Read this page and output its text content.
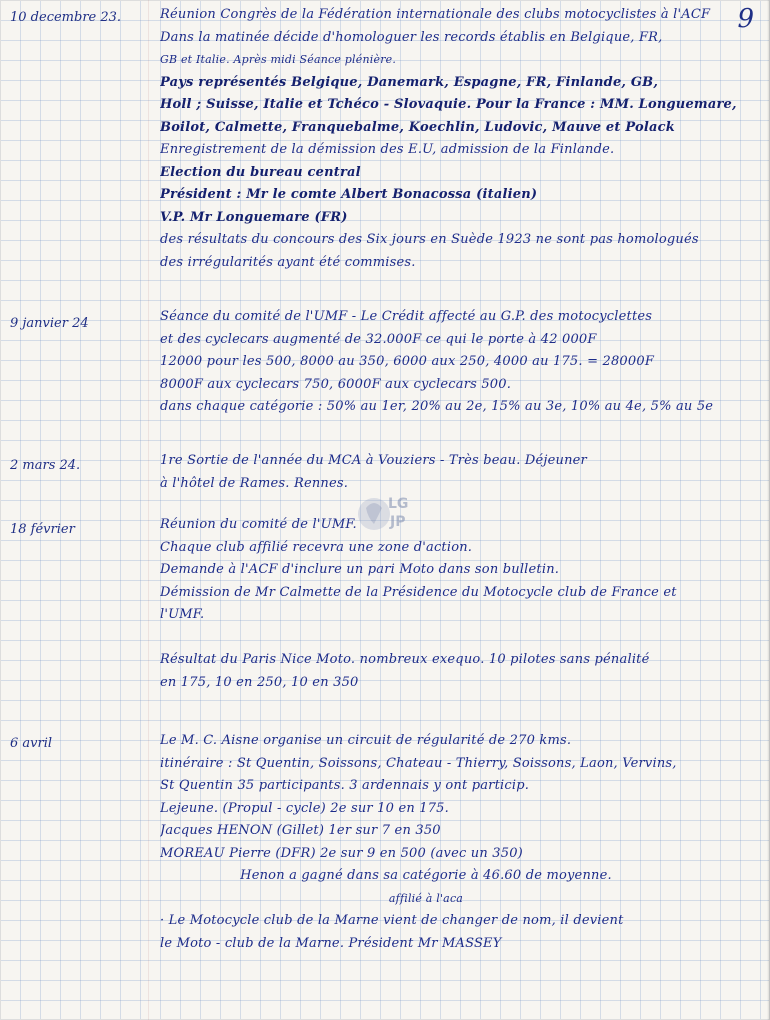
9
10 decembre 23.	Réunion Congrès de la Fédération internationale des clubs motocyclistes à l'ACF
Dans la matinée décide d'homologuer les records établis en Belgique, FR,
GB et Italie. Après midi Séance plénière.
Pays représentés Belgique, Danemark, Espagne, FR, Finlande, GB,
Holl ; Suisse, Italie et Tchéco - Slovaquie. Pour la France : MM. Longuemare,
Boilot, Calmette, Franquebalme, Koechlin, Ludovic, Mauve et Polack
Enregistrement de la démission des E.U, admission de la Finlande.
Election du bureau central
Président : Mr le comte Albert Bonacossa (italien)
V.P. Mr Longuemare (FR)
des résultats du concours des Six jours en Suède 1923 ne sont pas homologués
des irrégularités ayant été commises.
9 janvier 24	Séance du comité de l'UMF - Le Crédit affecté au G.P. des motocyclettes
et des cyclecars augmenté de 32.000F ce qui le porte à 42 000F
12000 pour les 500, 8000 au 350, 6000 aux 250, 4000 au 175. = 28000F
8000F aux cyclecars 750, 6000F aux cyclecars 500.
dans chaque catégorie : 50% au 1er, 20% au 2e, 15% au 3e, 10% au 4e, 5% au 5e
2 mars 24.	1re Sortie de l'année du MCA à Vouziers - Très beau. Déjeuner
à l'hôtel de Rames. Rennes.
18 février	Réunion du comité de l'UMF.
Chaque club affilié recevra une zone d'action.
Demande à l'ACF d'inclure un pari Moto dans son bulletin.
Démission de Mr Calmette de la Présidence du Motocycle club de France et
l'UMF.
Résultat du Paris Nice Moto. nombreux exequo. 10 pilotes sans pénalité
en 175, 10 en 250, 10 en 350
6 avril	Le M. C. Aisne organise un circuit de régularité de 270 kms.
itinéraire : St Quentin, Soissons, Chateau - Thierry, Soissons, Laon, Vervins,
St Quentin 35 participants. 3 ardennais y ont particip.
Lejeune. (Propul - cycle) 2e sur 10 en 175.
Jacques HENON (Gillet) 1er sur 7 en 350
MOREAU Pierre (DFR) 2e sur 9 en 500 (avec un 350)
Henon a gagné dans sa catégorie à 46.60 de moyenne.
affilié à l'aca
· Le Motocycle club de la Marne vient de changer de nom, il devient
le Moto - club de la Marne. Président Mr MASSEY
LG
JP
